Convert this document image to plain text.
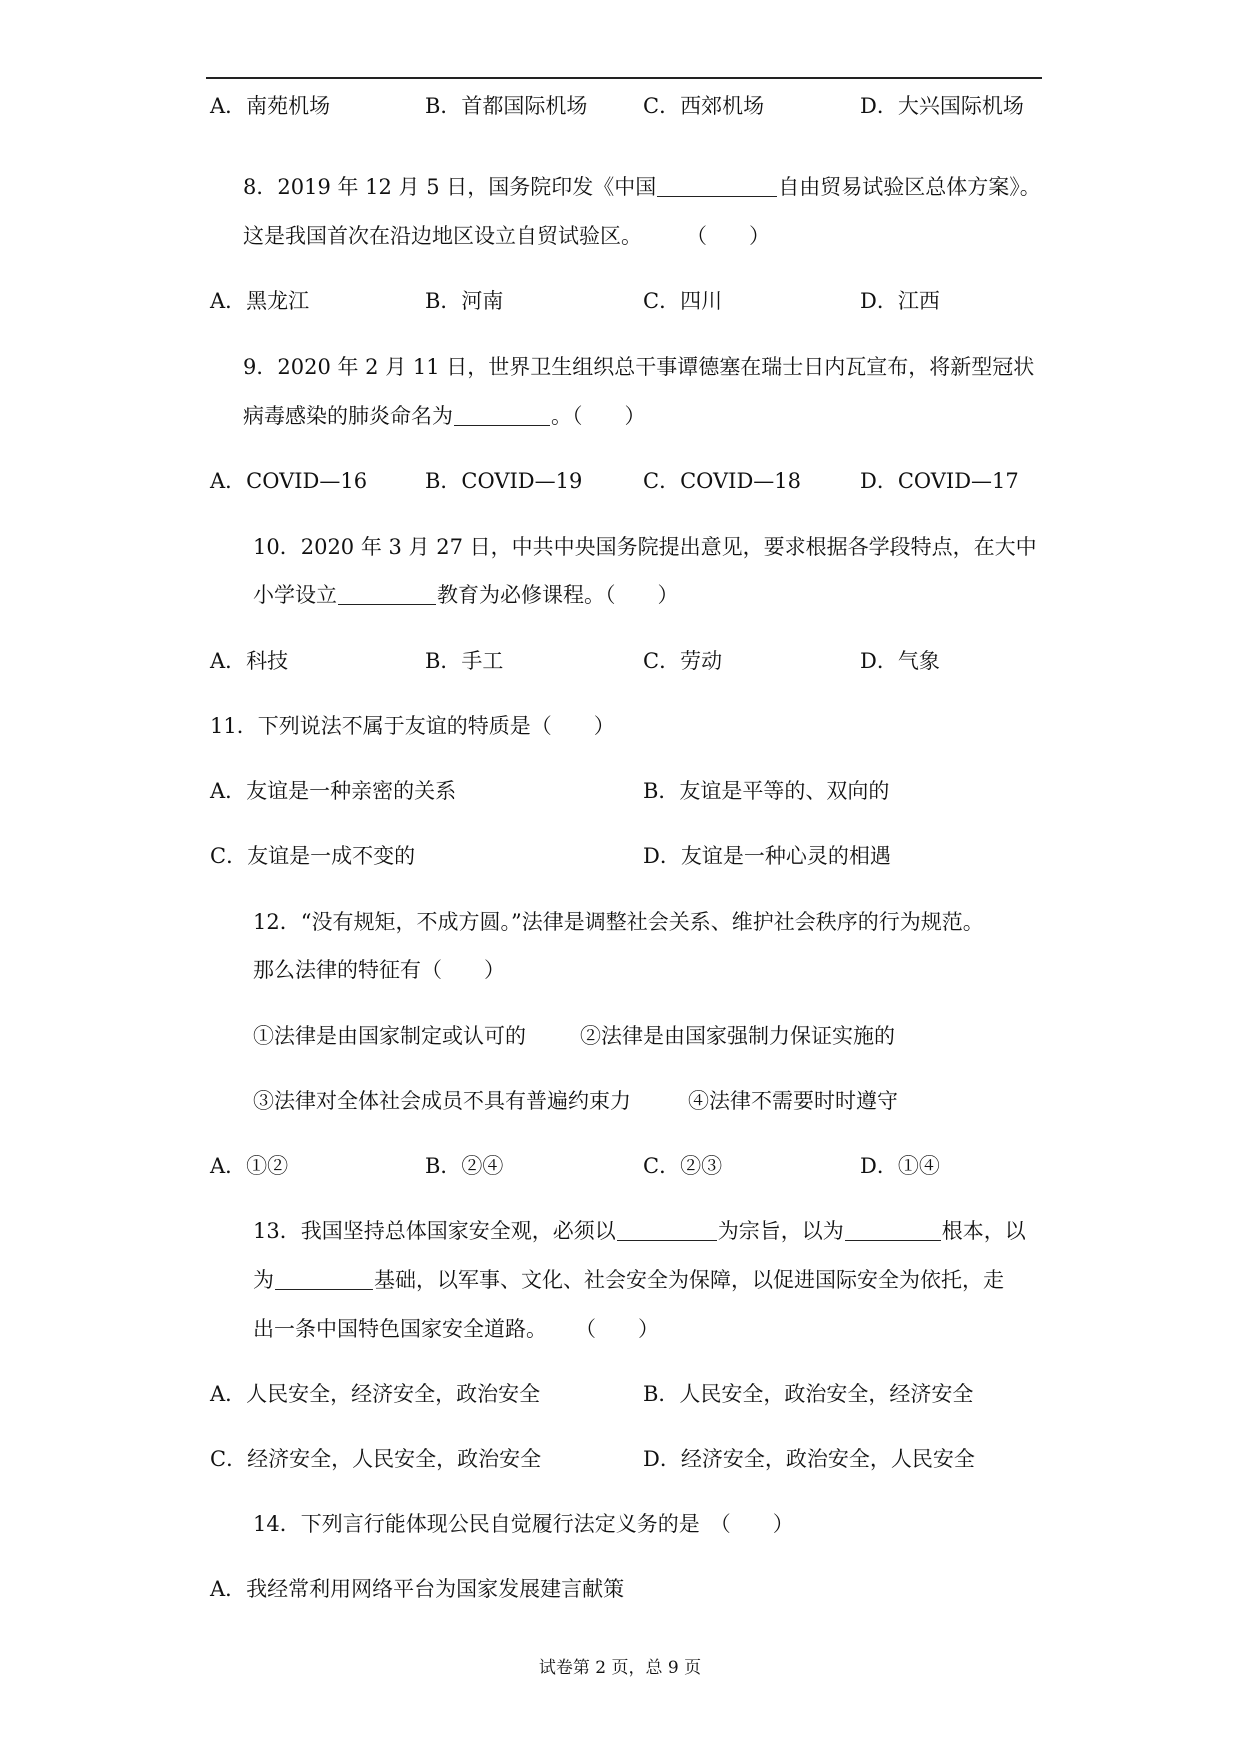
A．南苑机场	B．首都国际机场	C．西郊机场	D．大兴国际机场
8．2019 年 12 月 5 日，国务院印发《中国	自由贸易试验区总体方案》。
这是我国首次在沿边地区设立自贸试验区。 （　　）
A．黑龙江	B．河南	C．四川	D．江西
9．2020 年 2 月 11 日，世界卫生组织总干事谭德塞在瑞士日内瓦宣布，将新型冠状
病毒感染的肺炎命名为	。（　　）
A．COVID—16	B．COVID—19	C．COVID—18	D．COVID—17
10．2020 年 3 月 27 日，中共中央国务院提出意见，要求根据各学段特点，在大中
小学设立	教育为必修课程。（　　）
A．科技	B．手工	C．劳动	D．气象
11．下列说法不属于友谊的特质是（　　）
A．友谊是一种亲密的关系	B．友谊是平等的、双向的
C．友谊是一成不变的	D．友谊是一种心灵的相遇
12．“没有规矩，不成方圆。”法律是调整社会关系、维护社会秩序的行为规范。
那么法律的特征有（　　）
①法律是由国家制定或认可的	②法律是由国家强制力保证实施的
③法律对全体社会成员不具有普遍约束力	④法律不需要时时遵守
A．①②	B．②④	C．②③	D．①④
13．我国坚持总体国家安全观，必须以	为宗旨，以为	根本，以
为	基础，以军事、文化、社会安全为保障，以促进国际安全为依托，走
出一条中国特色国家安全道路。 （　　）
A．人民安全，经济安全，政治安全	B．人民安全，政治安全，经济安全
C．经济安全，人民安全，政治安全	D．经济安全，政治安全，人民安全
14．下列言行能体现公民自觉履行法定义务的是 （　　）
A．我经常利用网络平台为国家发展建言献策
试卷第 2 页，总 9 页
